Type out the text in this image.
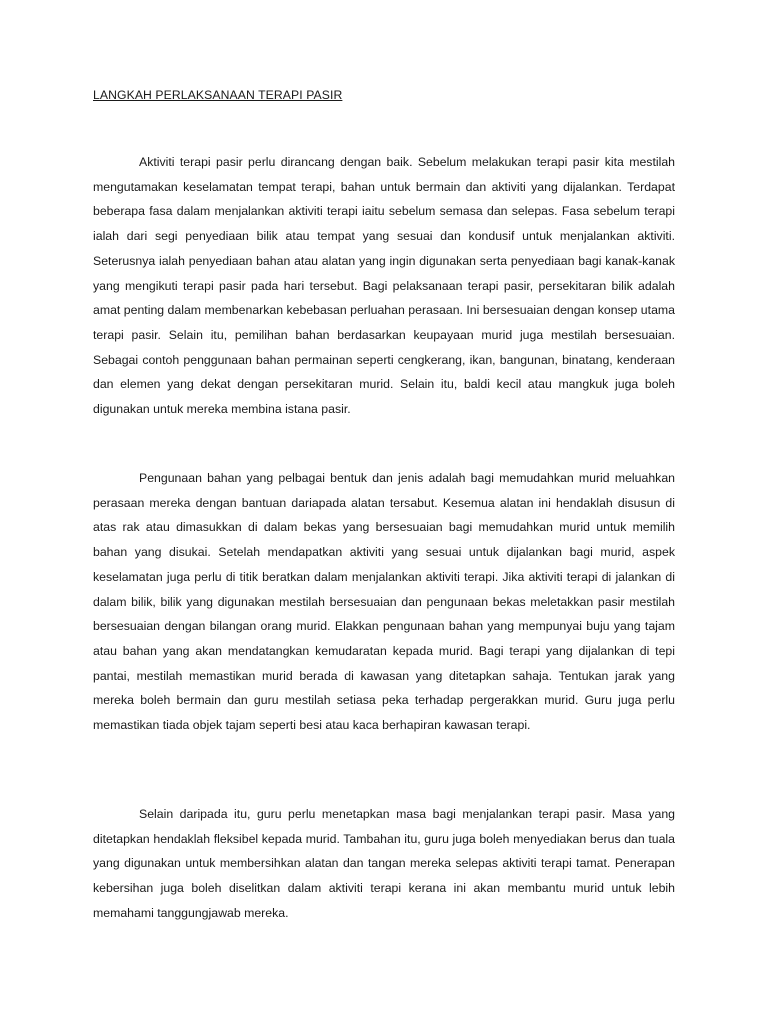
LANGKAH PERLAKSANAAN TERAPI PASIR

Aktiviti terapi pasir perlu dirancang dengan baik. Sebelum melakukan terapi pasir kita mestilah mengutamakan keselamatan tempat terapi, bahan untuk bermain dan aktiviti yang dijalankan. Terdapat beberapa fasa dalam menjalankan aktiviti terapi iaitu sebelum semasa dan selepas. Fasa sebelum terapi ialah dari segi penyediaan bilik atau tempat yang sesuai dan kondusif untuk menjalankan aktiviti. Seterusnya ialah penyediaan bahan atau alatan yang ingin digunakan serta penyediaan bagi kanak-kanak yang mengikuti terapi pasir pada hari tersebut. Bagi pelaksanaan terapi pasir, persekitaran bilik adalah amat penting dalam membenarkan kebebasan perluahan perasaan. Ini bersesuaian dengan konsep utama terapi pasir. Selain itu, pemilihan bahan berdasarkan keupayaan murid juga mestilah bersesuaian. Sebagai contoh penggunaan bahan permainan seperti cengkerang, ikan, bangunan, binatang, kenderaan dan elemen yang dekat dengan persekitaran murid. Selain itu, baldi kecil atau mangkuk juga boleh digunakan untuk mereka membina istana pasir.

Pengunaan bahan yang pelbagai bentuk dan jenis adalah bagi memudahkan murid meluahkan perasaan mereka dengan bantuan dariapada alatan tersabut. Kesemua alatan ini hendaklah disusun di atas rak atau dimasukkan di dalam bekas yang bersesuaian bagi memudahkan murid untuk memilih bahan yang disukai. Setelah mendapatkan aktiviti yang sesuai untuk dijalankan bagi murid, aspek keselamatan juga perlu di titik beratkan dalam menjalankan aktiviti terapi. Jika aktiviti terapi di jalankan di dalam bilik, bilik yang digunakan mestilah bersesuaian dan pengunaan bekas meletakkan pasir mestilah bersesuaian dengan bilangan orang murid. Elakkan pengunaan bahan yang mempunyai buju yang tajam atau bahan yang akan mendatangkan kemudaratan kepada murid. Bagi terapi yang dijalankan di tepi pantai, mestilah memastikan murid berada di kawasan yang ditetapkan sahaja. Tentukan jarak yang mereka boleh bermain dan guru mestilah setiasa peka terhadap pergerakkan murid. Guru juga perlu memastikan tiada objek tajam seperti besi atau kaca berhapiran kawasan terapi.

Selain daripada itu, guru perlu menetapkan masa bagi menjalankan terapi pasir. Masa yang ditetapkan hendaklah fleksibel kepada murid. Tambahan itu, guru juga boleh menyediakan berus dan tuala yang digunakan untuk membersihkan alatan dan tangan mereka selepas aktiviti terapi tamat. Penerapan kebersihan juga boleh diselitkan dalam aktiviti terapi kerana ini akan membantu murid untuk lebih memahami tanggungjawab mereka.
